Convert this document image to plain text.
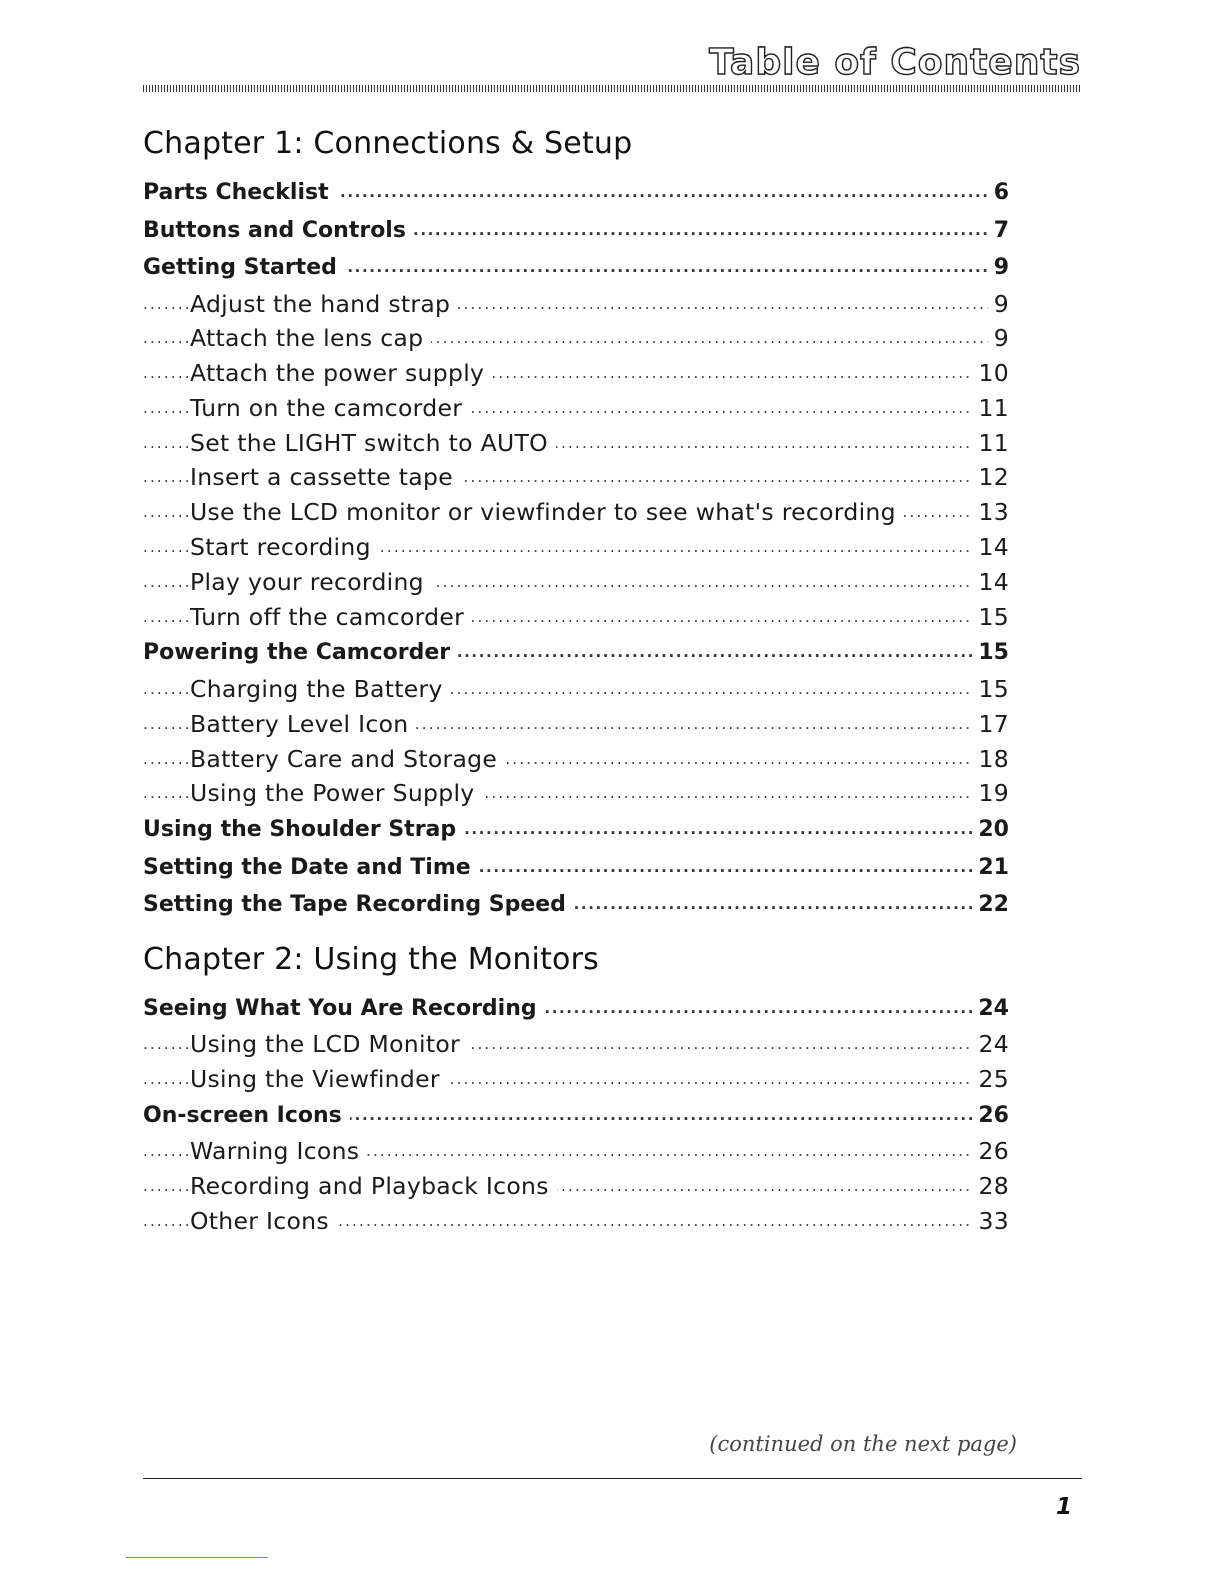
Table of Contents
Chapter 1: Connections & Setup
..... Parts Checklist	6
..... Buttons and Controls	7
..... Getting Started	9
..... Adjust the hand strap	9
..... Attach the lens cap	9
..... Attach the power supply	10
..... Turn on the camcorder	11
..... Set the LIGHT switch to AUTO	11
..... Insert a cassette tape	12
..... Use the LCD monitor or viewfinder to see what's recording	13
..... Start recording	14
..... Play your recording	14
..... Turn off the camcorder	15
..... Powering the Camcorder	15
..... Charging the Battery	15
..... Battery Level Icon	17
..... Battery Care and Storage	18
..... Using the Power Supply	19
..... Using the Shoulder Strap	20
..... Setting the Date and Time	21
..... Setting the Tape Recording Speed	22
Chapter 2: Using the Monitors
..... Seeing What You Are Recording	24
..... Using the LCD Monitor	24
..... Using the Viewfinder	25
..... On-screen Icons	26
..... Warning Icons	26
..... Recording and Playback Icons	28
..... Other Icons	33
(continued on the next page)
1
